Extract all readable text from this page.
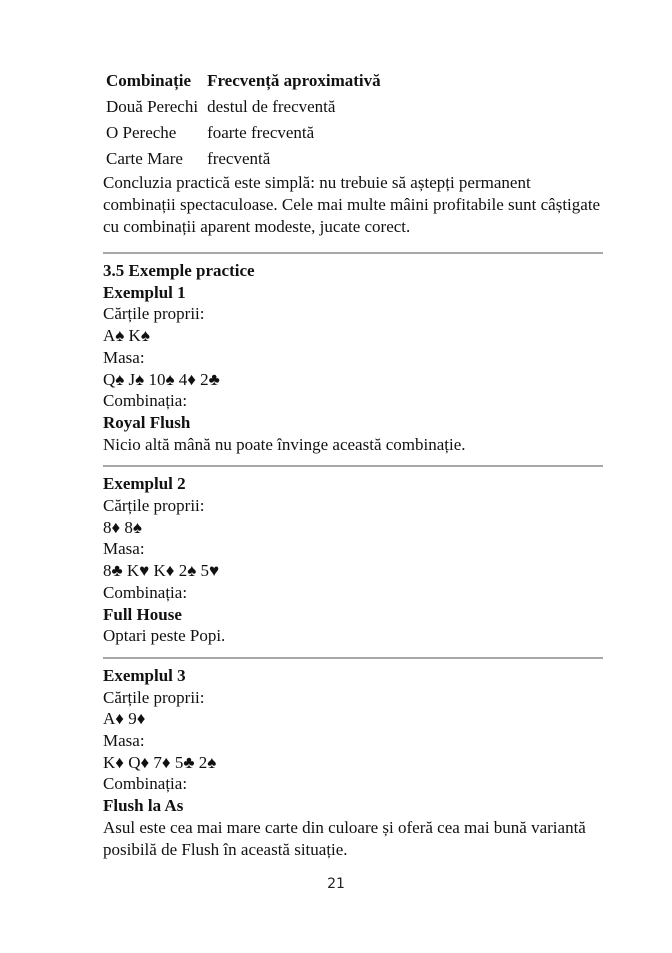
Combinație	Frecvență aproximativă
Două Perechi	destul de frecventă
O Pereche	foarte frecventă
Carte Mare	frecventă

Concluzia practică este simplă: nu trebuie să aștepți permanent combinații spectaculoase. Cele mai multe mâini profitabile sunt câștigate cu combinații aparent modeste, jucate corect.

3.5 Exemple practice
Exemplul 1
Cărțile proprii:
A♠ K♠
Masa:
Q♠ J♠ 10♠ 4♦ 2♣
Combinația:
Royal Flush
Nicio altă mână nu poate învinge această combinație.
Exemplul 2
Cărțile proprii:
8♦ 8♠
Masa:
8♣ K♥ K♦ 2♠ 5♥
Combinația:
Full House
Optari peste Popi.
Exemplul 3
Cărțile proprii:
A♦ 9♦
Masa:
K♦ Q♦ 7♦ 5♣ 2♠
Combinația:
Flush la As
Asul este cea mai mare carte din culoare și oferă cea mai bună variantă posibilă de Flush în această situație.
21
